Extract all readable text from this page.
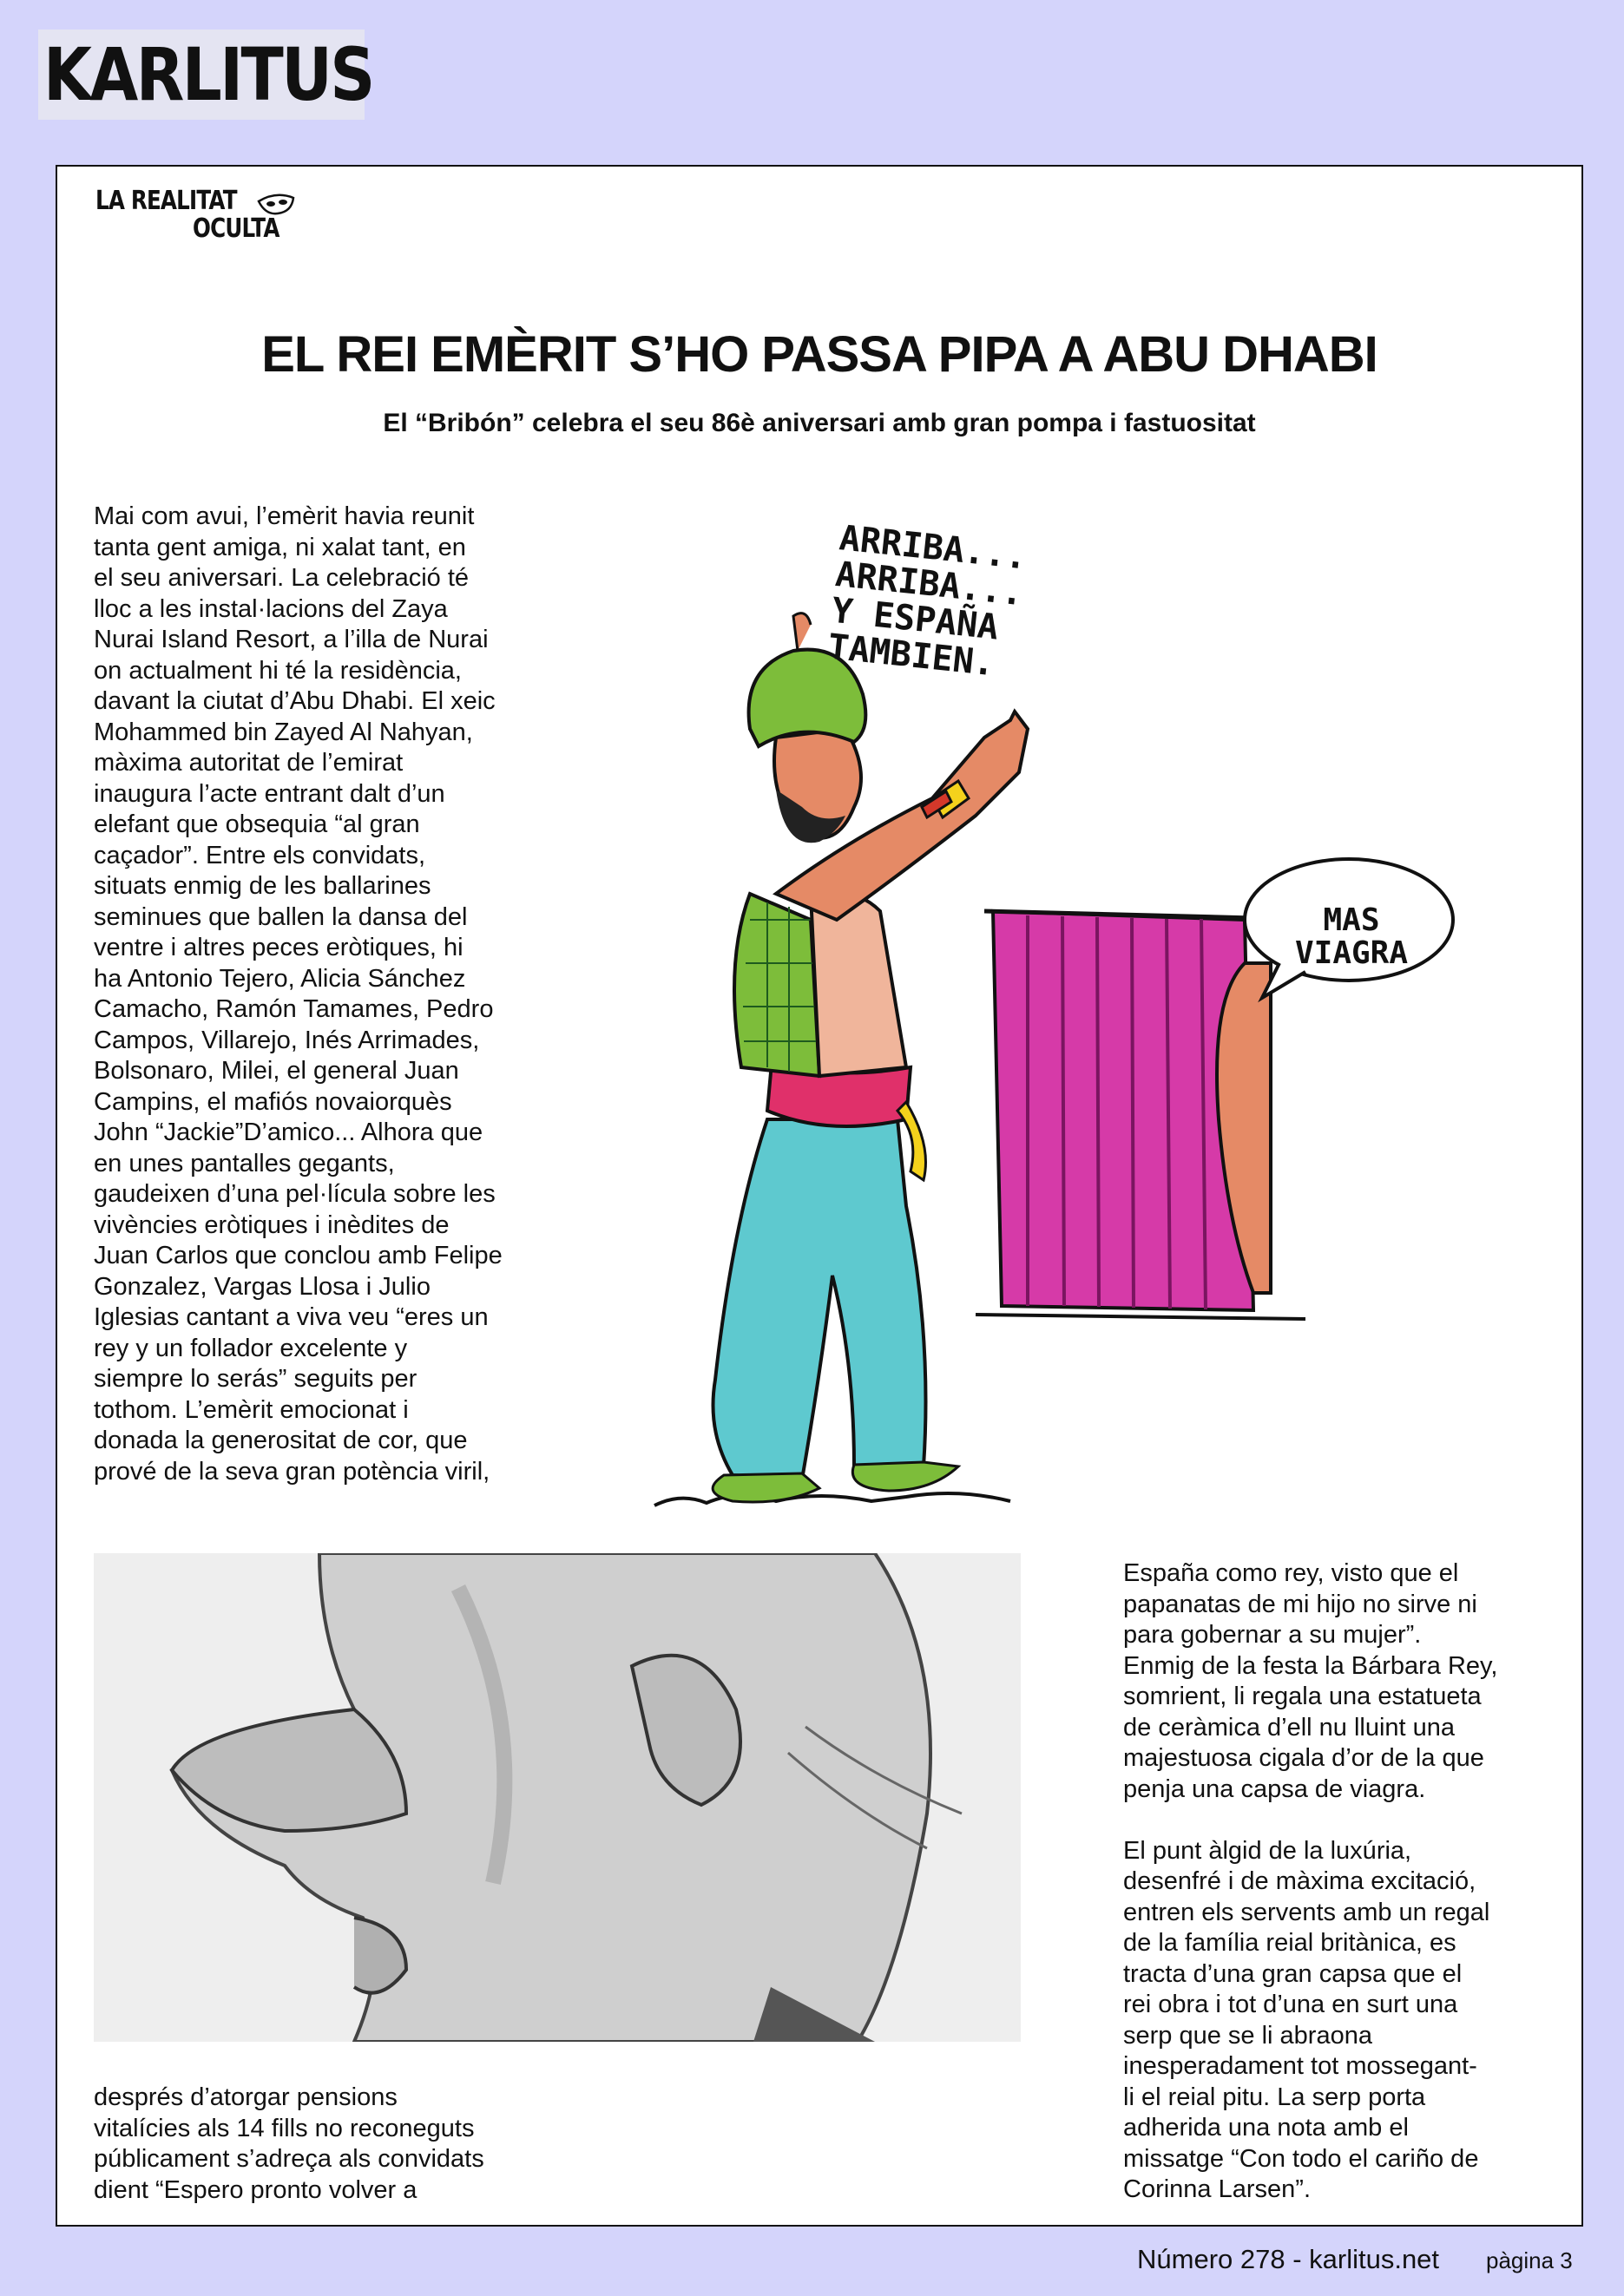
KARLITUS
LA REALITAT
OCULTA
EL REI EMÈRIT S’HO PASSA PIPA A ABU DHABI
El “Bribón” celebra el seu 86è aniversari amb gran pompa i fastuositat

Mai com avui, l’emèrit havia reunit
tanta gent amiga, ni xalat tant, en
el seu aniversari. La celebració té
lloc a les instal·lacions del Zaya
Nurai Island Resort, a l’illa de Nurai
on actualment hi té la residència,
davant la ciutat d’Abu Dhabi. El xeic
Mohammed bin Zayed Al Nahyan,
màxima autoritat de l’emirat
inaugura l’acte entrant dalt d’un
elefant que obsequia “al gran
caçador”. Entre els convidats,
situats enmig de les ballarines
seminues que ballen la dansa del
ventre i altres peces eròtiques, hi
ha Antonio Tejero, Alicia Sánchez
Camacho, Ramón Tamames, Pedro
Campos, Villarejo, Inés Arrimades,
Bolsonaro, Milei, el general Juan
Campins, el mafiós novaiorquès
John “Jackie”D’amico... Alhora que
en unes pantalles gegants,
gaudeixen d’una pel·lícula sobre les
vivències eròtiques i inèdites de
Juan Carlos que conclou amb Felipe
Gonzalez, Vargas Llosa i Julio
Iglesias cantant a viva veu “eres un
rey y un follador excelente y
siempre lo serás” seguits per
tothom. L’emèrit emocionat i
donada la generositat de cor, que
prové de la seva gran potència viril,

ARRIBA...
ARRIBA...
Y ESPAÑA
TAMBIEN.
MAS
VIAGRA

després d’atorgar pensions
vitalícies als 14 fills no reconeguts
públicament s’adreça als convidats
dient “Espero pronto volver a

España como rey, visto que el
papanatas de mi hijo no sirve ni
para gobernar a su mujer”.
Enmig de la festa la Bárbara Rey,
somrient, li regala una estatueta
de ceràmica d’ell nu lluint una
majestuosa cigala d’or de la que
penja una capsa de viagra.

El punt àlgid de la luxúria,
desenfré i de màxima excitació,
entren els servents amb un regal
de la família reial britànica, es
tracta d’una gran capsa que el
rei obra i tot d’una en surt una
serp que se li abraona
inesperadament tot mossegant-
li el reial pitu. La serp porta
adherida una nota amb el
missatge “Con todo el cariño de
Corinna Larsen”.

Número 278 - karlitus.net pàgina 3
